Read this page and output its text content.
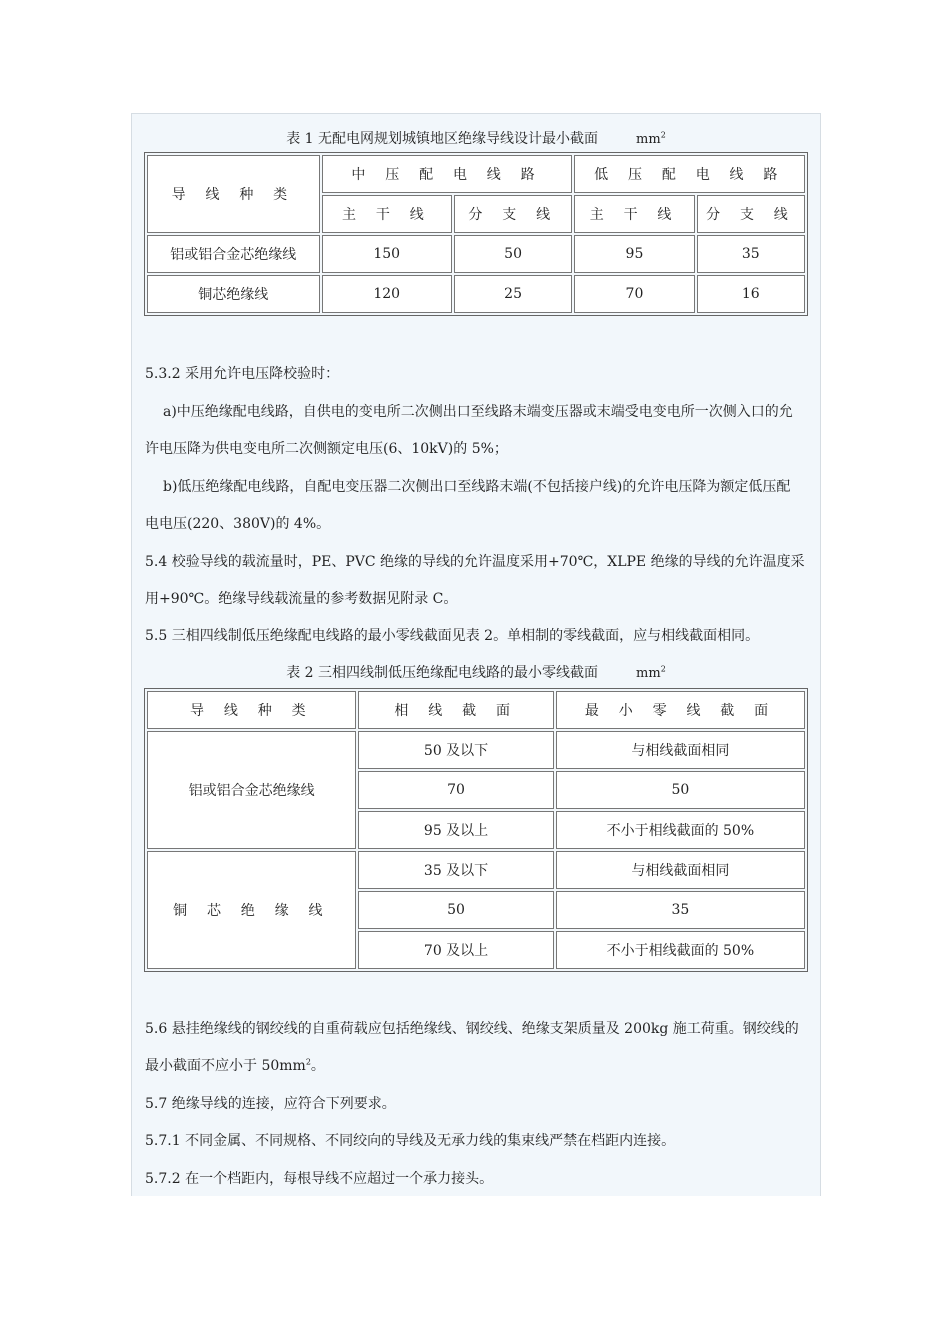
表 1 无配电网规划城镇地区绝缘导线设计最小截面	$mm^2$
导 线 种 类	中 压 配 电 线 路		低 压 配 电 线 路	
	主 干 线	分 支 线	主 干 线	分 支 线
铝或铝合金芯绝缘线	150	50	95	35
铜芯绝缘线	120	25	70	16

5.3.2 采用允许电压降校验时：

a)中压绝缘配电线路，自供电的变电所二次侧出口至线路末端变压器或末端受电变电所一次侧入口的允

许电压降为供电变电所二次侧额定电压(6、10kV)的 5%；

b)低压绝缘配电线路，自配电变压器二次侧出口至线路末端(不包括接户线)的允许电压降为额定低压配

电电压(220、380V)的 4%。

5.4 校验导线的载流量时，PE、PVC 绝缘的导线的允许温度采用+70℃，XLPE 绝缘的导线的允许温度采

用+90℃。绝缘导线载流量的参考数据见附录 C。

5.5 三相四线制低压绝缘配电线路的最小零线截面见表 2。单相制的零线截面，应与相线截面相同。

表 2 三相四线制低压绝缘配电线路的最小零线截面	$mm^2$
导 线 种 类	相 线 截 面	最 小 零 线 截 面
铝或铝合金芯绝缘线	50 及以下	与相线截面相同
	70	50
	95 及以上	不小于相线截面的 50%
铜 芯 绝 缘 线	35 及以下	与相线截面相同
	50	35
	70 及以上	不小于相线截面的 50%

5.6 悬挂绝缘线的钢绞线的自重荷载应包括绝缘线、钢绞线、绝缘支架质量及 200kg 施工荷重。钢绞线的

最小截面不应小于 $50mm^2$。

5.7 绝缘导线的连接，应符合下列要求。

5.7.1 不同金属、不同规格、不同绞向的导线及无承力线的集束线严禁在档距内连接。

5.7.2 在一个档距内，每根导线不应超过一个承力接头。
